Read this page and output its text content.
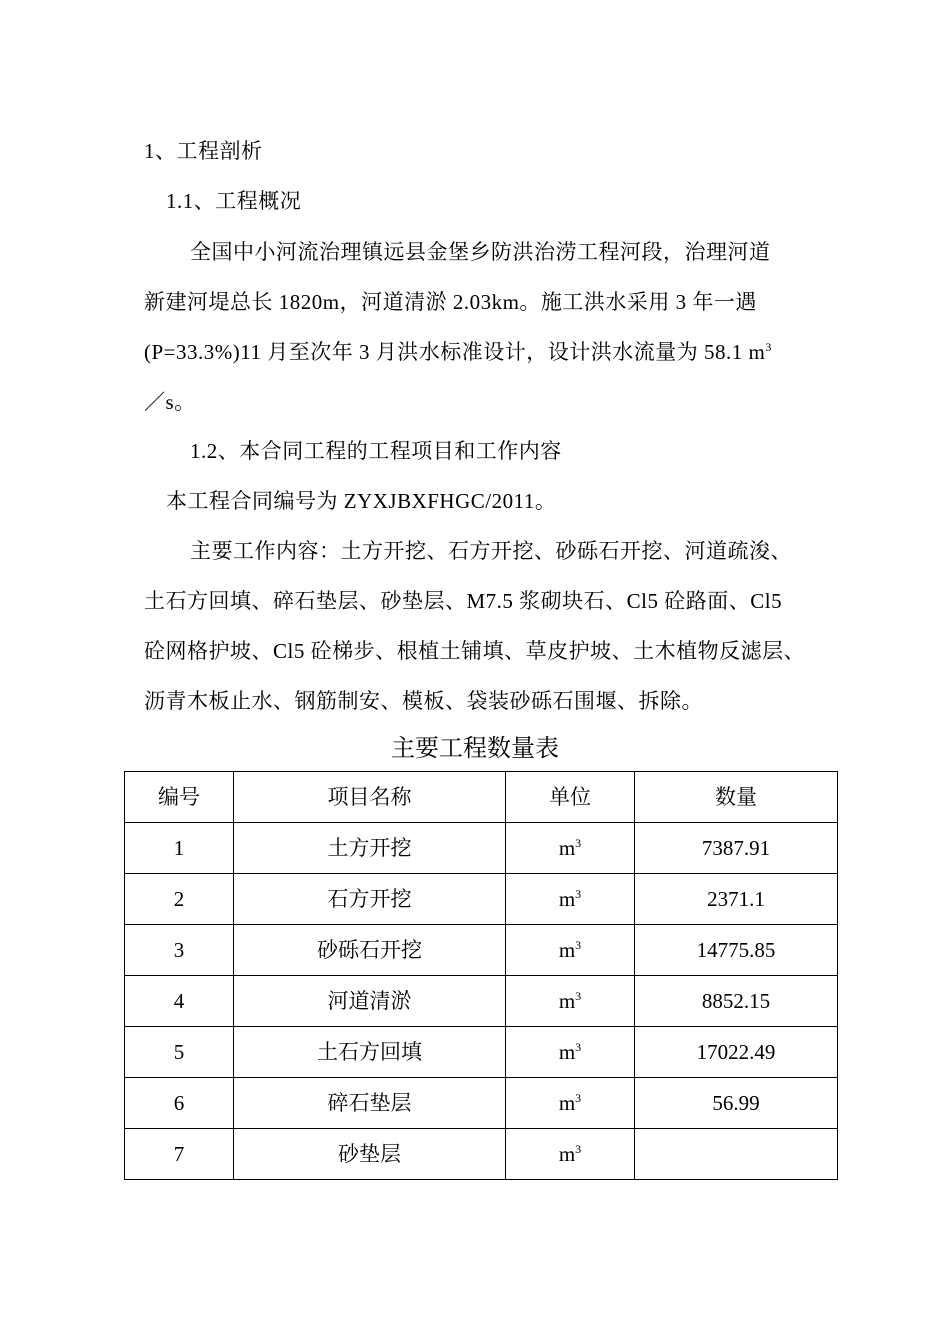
1、工程剖析
1.1、工程概况
全国中小河流治理镇远县金堡乡防洪治涝工程河段，治理河道
新建河堤总长 1820m，河道清淤 2.03km。施工洪水采用 3 年一遇
(P=33.3%)11 月至次年 3 月洪水标准设计，设计洪水流量为 58.1 $m^3$
／s。
1.2、本合同工程的工程项目和工作内容
本工程合同编号为 ZYXJBXFHGC/2011。
主要工作内容：土方开挖、石方开挖、砂砾石开挖、河道疏浚、
土石方回填、碎石垫层、砂垫层、M7.5 浆砌块石、Cl5 砼路面、Cl5
砼网格护坡、Cl5 砼梯步、根植土铺填、草皮护坡、土木植物反滤层、
沥青木板止水、钢筋制安、模板、袋装砂砾石围堰、拆除。
主要工程数量表
编号	项目名称	单位	数量
1	土方开挖	$m^3$	7387.91
2	石方开挖	$m^3$	2371.1
3	砂砾石开挖	$m^3$	14775.85
4	河道清淤	$m^3$	8852.15
5	土石方回填	$m^3$	17022.49
6	碎石垫层	$m^3$	56.99
7	砂垫层	$m^3$	
